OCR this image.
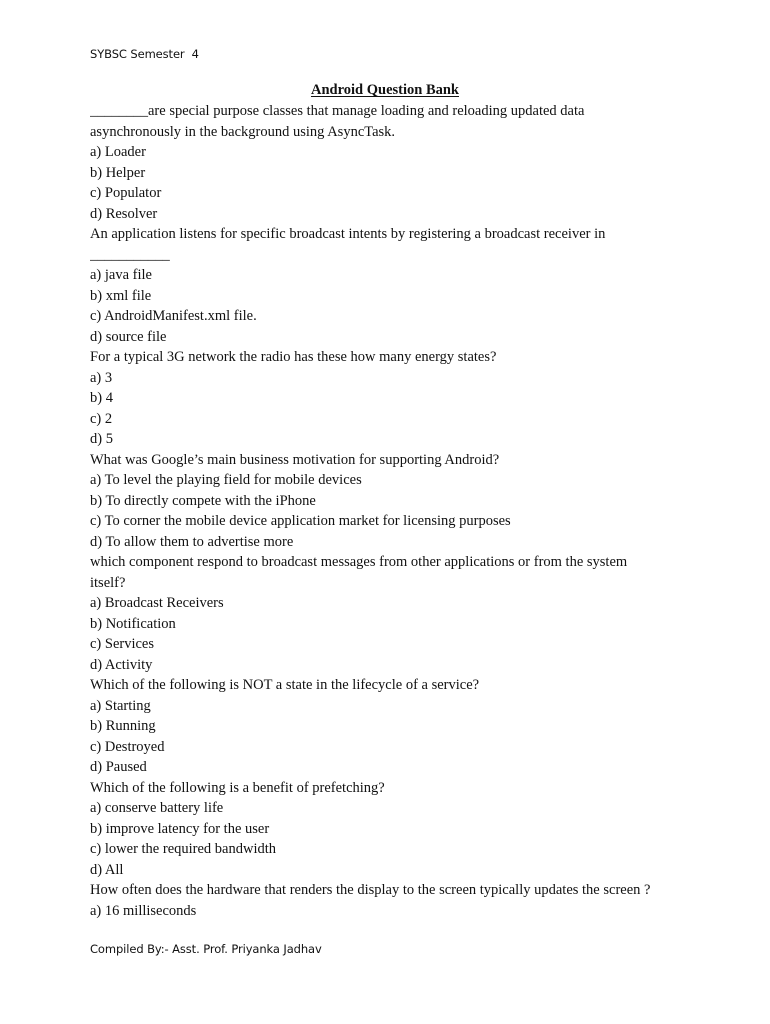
SYBSC Semester  4
Android Question Bank
________are special purpose classes that manage loading and reloading updated data
asynchronously in the background using AsyncTask.
a) Loader
b) Helper
c) Populator
d) Resolver
An application listens for specific broadcast intents by registering a broadcast receiver in
___________
a) java file
b) xml file
c) AndroidManifest.xml file.
d) source file
For a typical 3G network the radio has these how many energy states?
a) 3
b) 4
c) 2
d) 5
What was Google’s main business motivation for supporting Android?
a) To level the playing field for mobile devices
b) To directly compete with the iPhone
c) To corner the mobile device application market for licensing purposes
d) To allow them to advertise more
which component respond to broadcast messages from other applications or from the system
itself?
a) Broadcast Receivers
b) Notification
c) Services
d) Activity
Which of the following is NOT a state in the lifecycle of a service?
a) Starting
b) Running
c) Destroyed
d) Paused
Which of the following is a benefit of prefetching?
a) conserve battery life
b) improve latency for the user
c) lower the required bandwidth
d) All
How often does the hardware that renders the display to the screen typically updates the screen ?
a) 16 milliseconds
Compiled By:- Asst. Prof. Priyanka Jadhav
